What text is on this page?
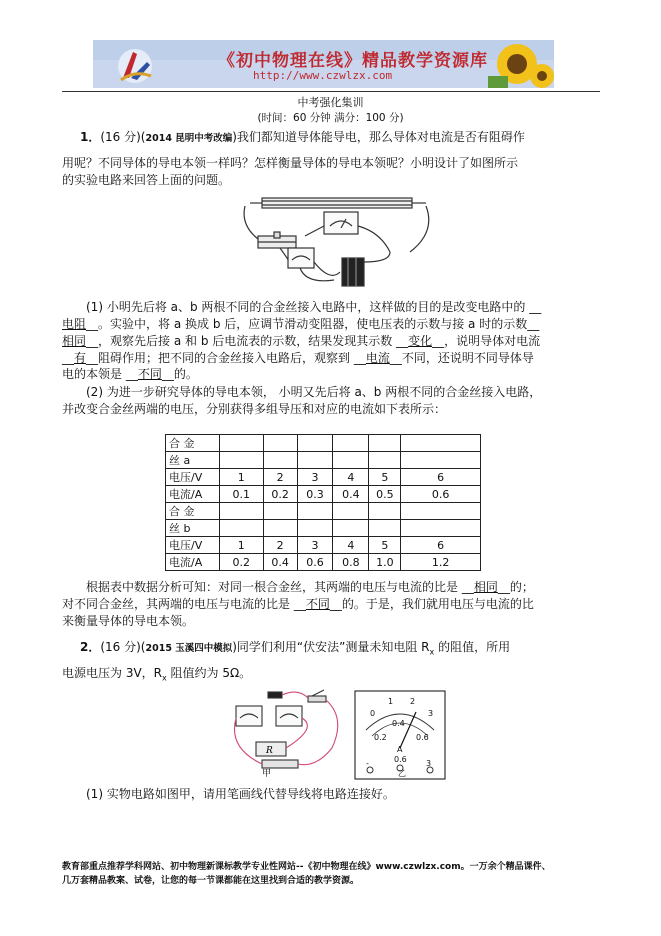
《初中物理在线》精品教学资源库
http://www.czwlzx.com
中考强化集训
(时间：60 分钟 满分：100 分)
1．(16 分)(2014 昆明中考改编)我们都知道导体能导电，那么导体对电流是否有阻碍作
用呢？不同导体的导电本领一样吗？怎样衡量导体的导电本领呢？小明设计了如图所示
的实验电路来回答上面的问题。
(1) 小明先后将 a、b 两根不同的合金丝接入电路中，这样做的目的是改变电路中的 __
电阻__。实验中，将 a 换成 b 后，应调节滑动变阻器，使电压表的示数与接 a 时的示数__
相同__，观察先后接 a 和 b 后电流表的示数，结果发现其示数 __变化__，说明导体对电流
__有__阻碍作用；把不同的合金丝接入电路后，观察到 __电流__不同，还说明不同导体导
电的本领是 __不同__的。
(2) 为进一步研究导体的导电本领， 小明又先后将 a、b 两根不同的合金丝接入电路，
并改变合金丝两端的电压，分别获得多组导压和对应的电流如下表所示：
合 金						
丝 a						
电压/V	1	2	3	4	5	6
电流/A	0.1	0.2	0.3	0.4	0.5	0.6
合 金						
丝 b						
电压/V	1	2	3	4	5	6
电流/A	0.2	0.4	0.6	0.8	1.0	1.2
根据表中数据分析可知：对同一根合金丝，其两端的电压与电流的比是 __相同__的；
对不同合金丝，其两端的电压与电流的比是 __不同__的。于是，我们就用电压与电流的比
来衡量导体的导电本领。
2．(16 分)(2015 玉溪四中模拟)同学们利用“伏安法”测量未知电阻 $R_x$ 的阻值，所用
电源电压为 3V，$R_x$ 阻值约为 5Ω。
R
甲
0
1 2
3
0.2
0.4
0.6
A
-	0.6 3
乙
(1) 实物电路如图甲，请用笔画线代替导线将电路连接好。
教育部重点推荐学科网站、初中物理新课标教学专业性网站--《初中物理在线》www.czwlzx.com。一万余个精品课件、
几万套精品教案、试卷，让您的每一节课都能在这里找到合适的教学资源。
